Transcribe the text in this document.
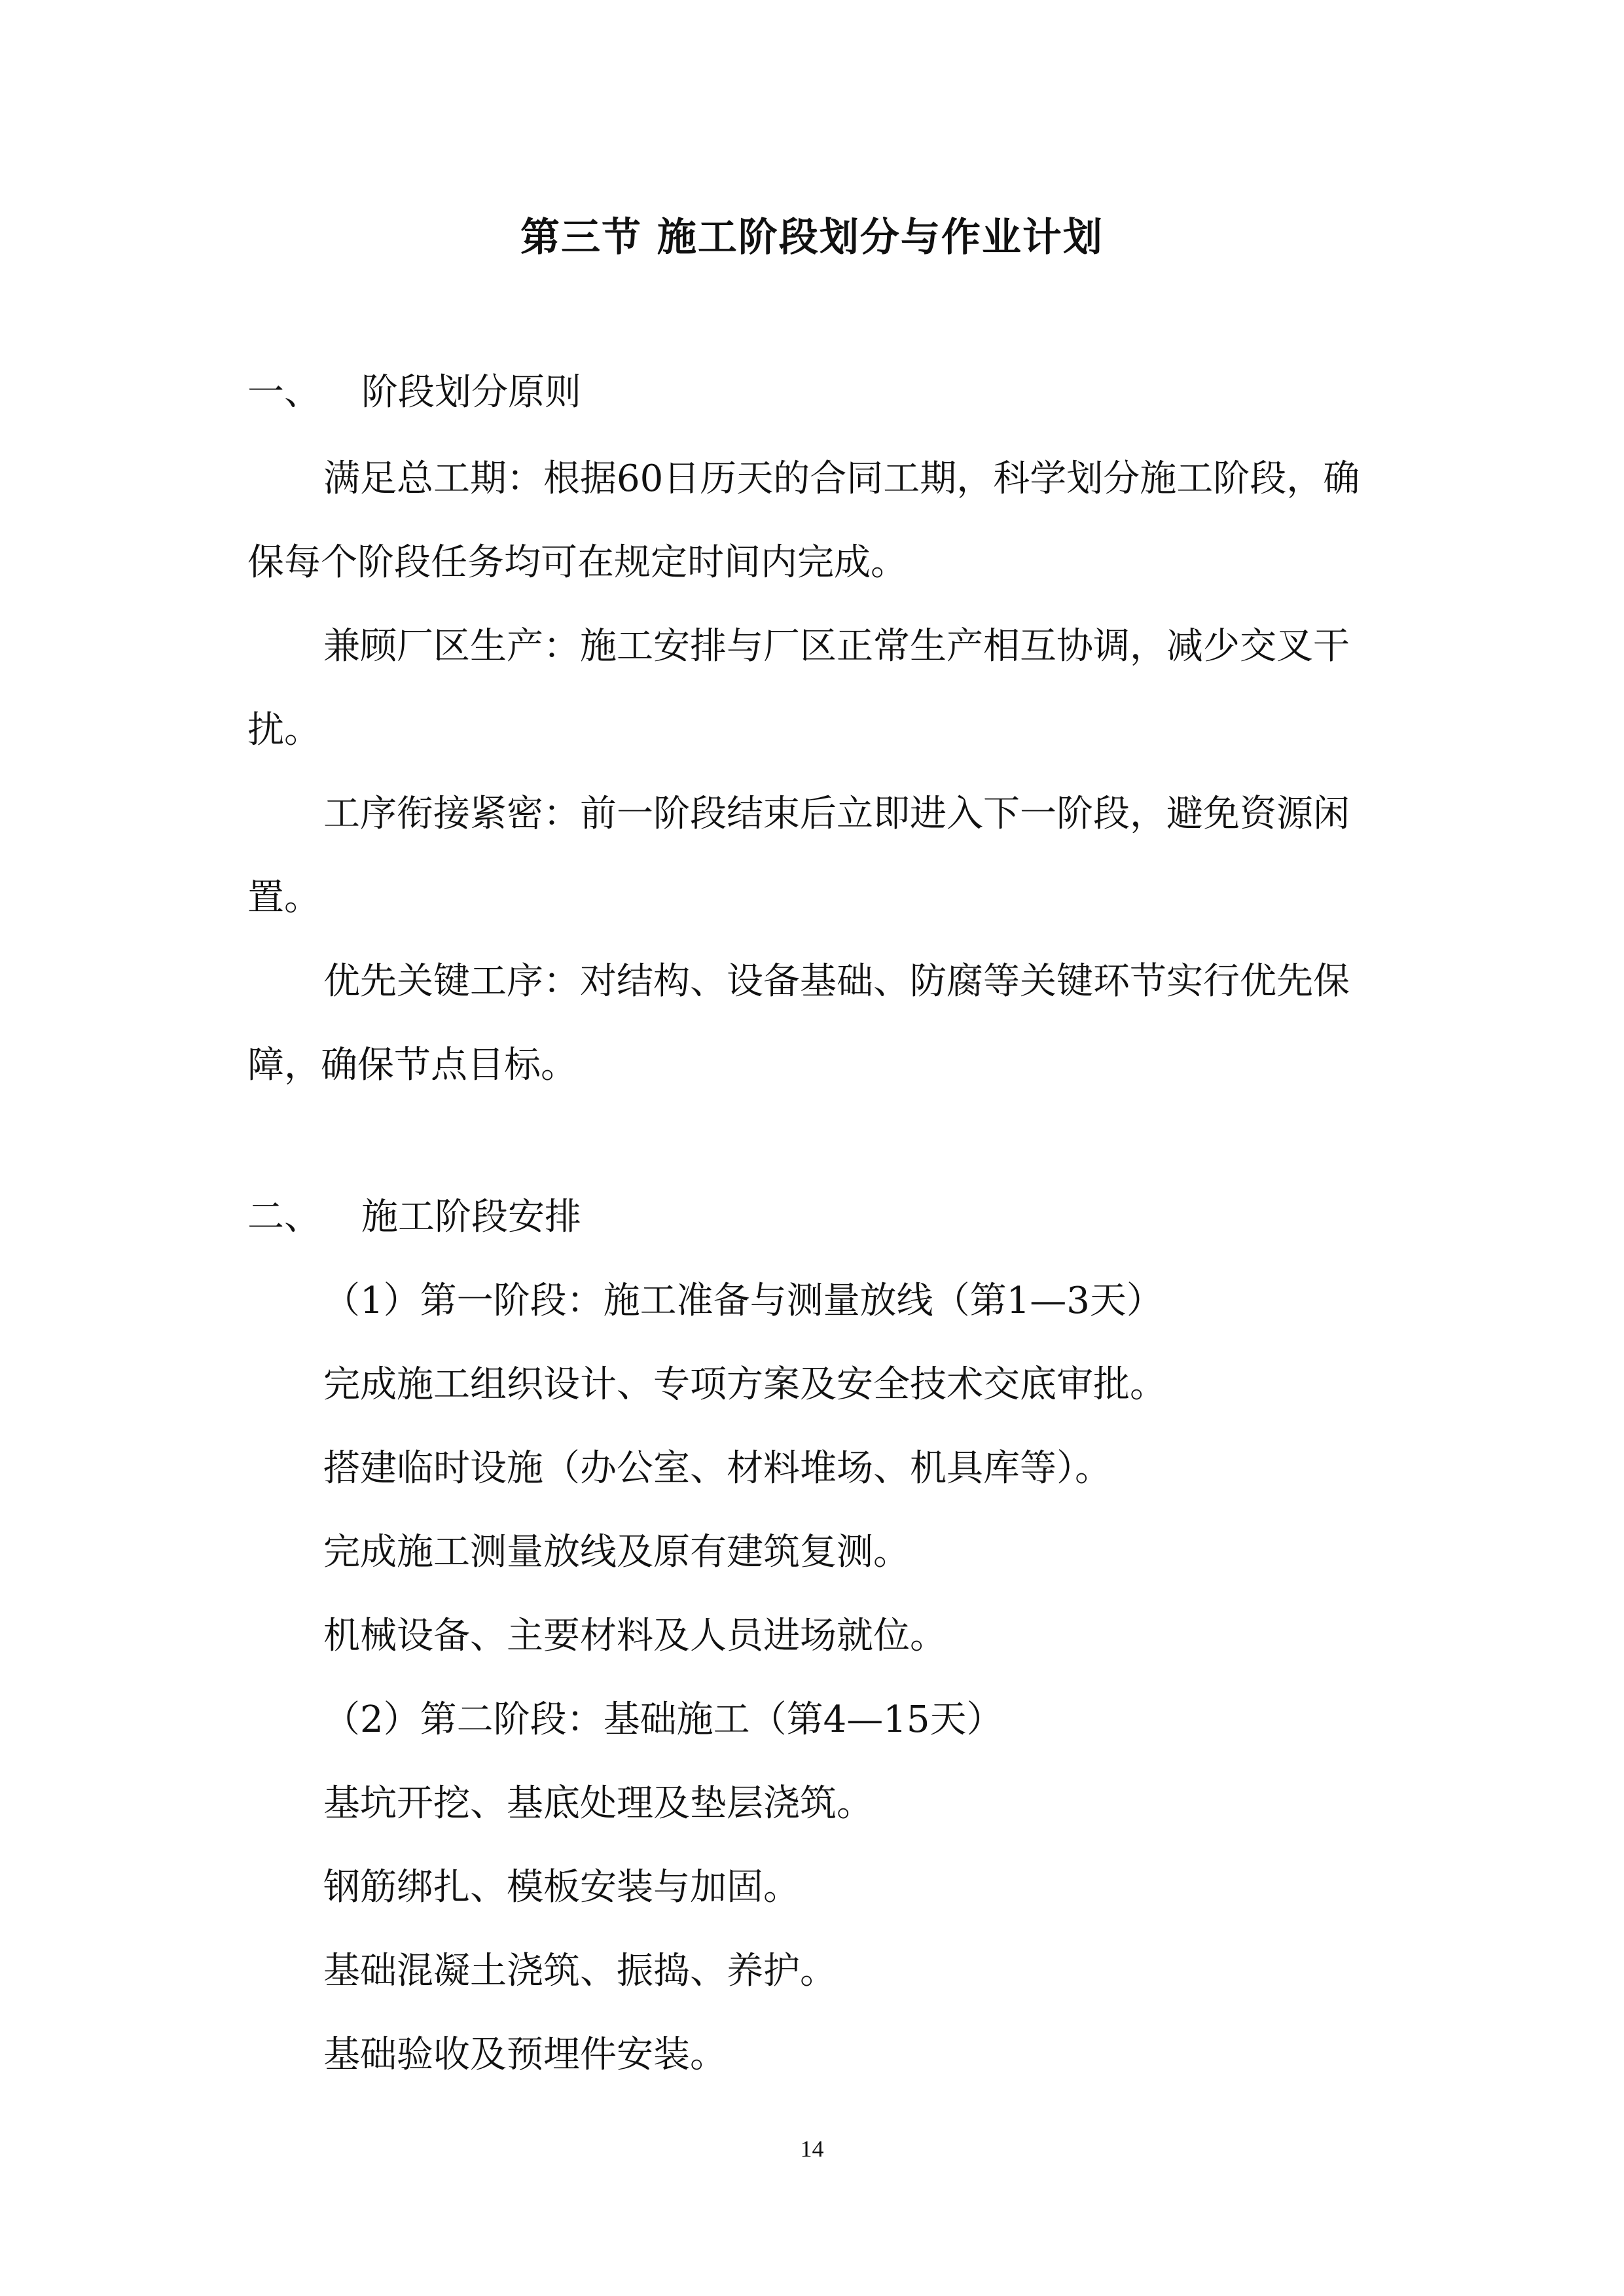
第三节 施工阶段划分与作业计划
一、 阶段划分原则
满足总工期：根据60日历天的合同工期，科学划分施工阶段，确
保每个阶段任务均可在规定时间内完成。
兼顾厂区生产：施工安排与厂区正常生产相互协调，减少交叉干
扰。
工序衔接紧密：前一阶段结束后立即进入下一阶段，避免资源闲
置。
优先关键工序：对结构、设备基础、防腐等关键环节实行优先保
障，确保节点目标。
二、 施工阶段安排
（1）第一阶段：施工准备与测量放线（第1—3天）
完成施工组织设计、专项方案及安全技术交底审批。
搭建临时设施（办公室、材料堆场、机具库等）。
完成施工测量放线及原有建筑复测。
机械设备、主要材料及人员进场就位。
（2）第二阶段：基础施工（第4—15天）
基坑开挖、基底处理及垫层浇筑。
钢筋绑扎、模板安装与加固。
基础混凝土浇筑、振捣、养护。
基础验收及预埋件安装。
14
